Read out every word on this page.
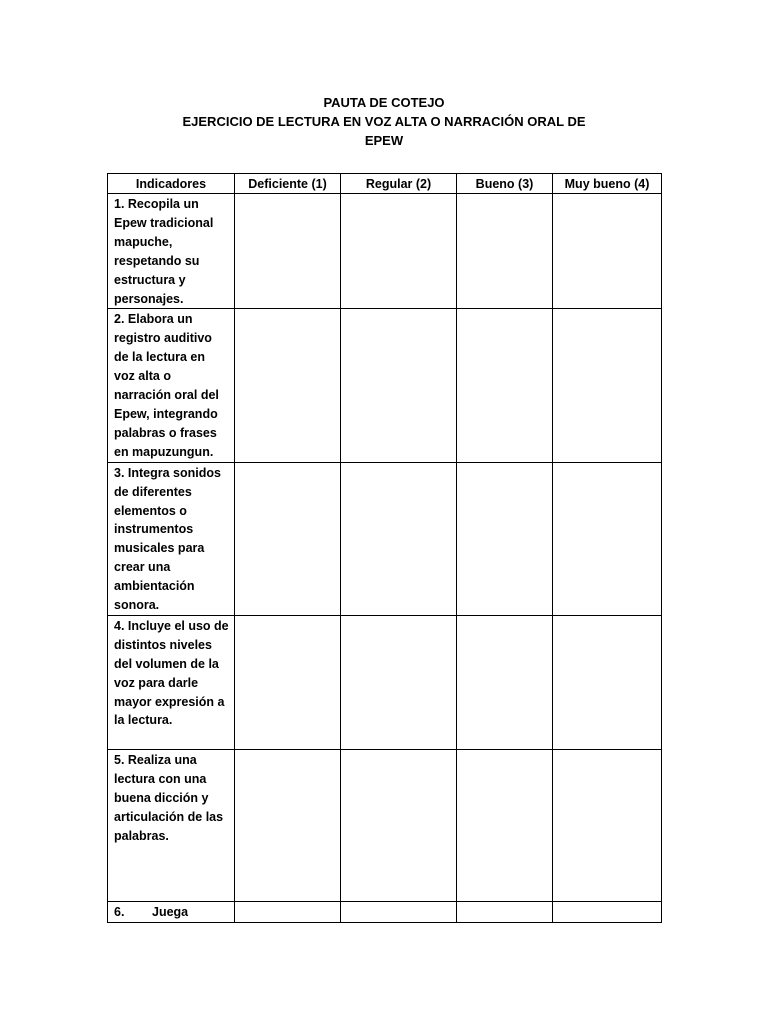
PAUTA DE COTEJO
EJERCICIO DE LECTURA EN VOZ ALTA O NARRACIÓN ORAL DE
EPEW
Indicadores	Deficiente (1)	Regular (2)	Bueno (3)	Muy bueno (4)
1. Recopila un Epew tradicional mapuche, respetando su estructura y personajes.				
2. Elabora un registro auditivo de la lectura en voz alta o narración oral del Epew, integrando palabras o frases en mapuzungun.				
3. Integra sonidos de diferentes elementos o instrumentos musicales para crear una ambientación sonora.				
4. Incluye el uso de distintos niveles del volumen de la voz para darle mayor expresión a la lectura.				
5. Realiza una lectura con una buena dicción y articulación de las palabras.				
6. Juega				
